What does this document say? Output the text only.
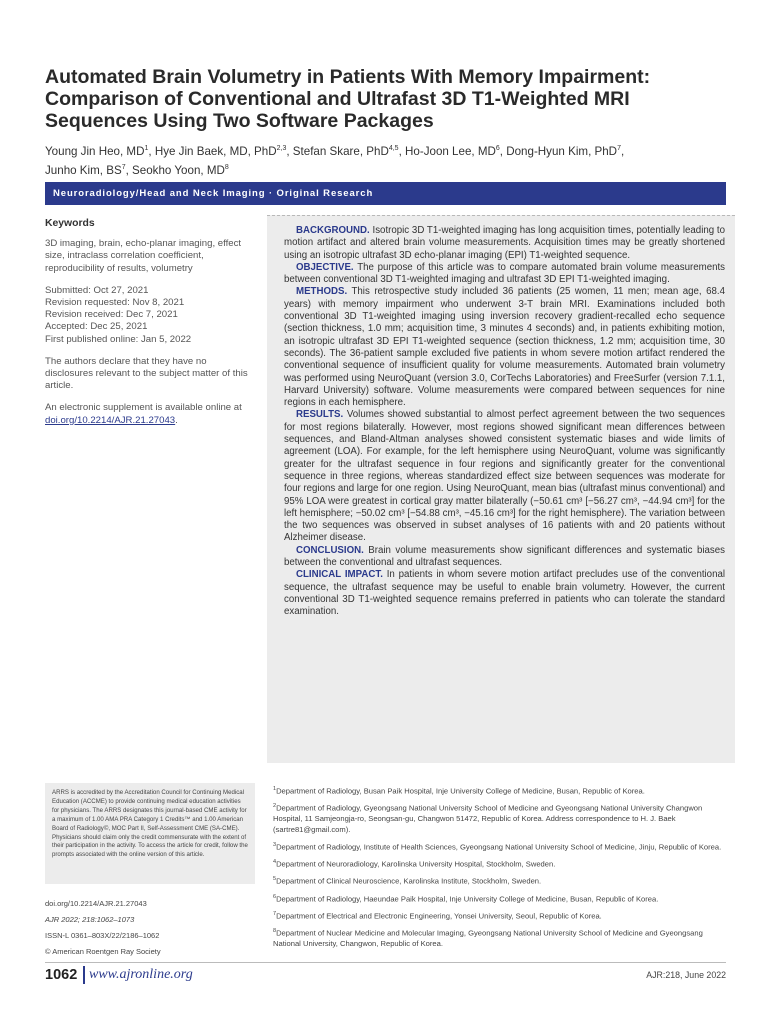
Automated Brain Volumetry in Patients With Memory Impairment: Comparison of Conventional and Ultrafast 3D T1-Weighted MRI Sequences Using Two Software Packages
Young Jin Heo, $MD^1$, Hye Jin Baek, MD, PhD$^{2,3}$, Stefan Skare, PhD$^{4,5}$, Ho-Joon Lee, $MD^6$, Dong-Hyun Kim, PhD$^7$,
Junho Kim, $BS^7$, Seokho Yoon, $MD^8$
Neuroradiology/Head and Neck Imaging · Original Research
Keywords

3D imaging, brain, echo-planar imaging, effect size, intraclass correlation coefficient, reproducibility of results, volumetry

Submitted: Oct 27, 2021
Revision requested: Nov 8, 2021
Revision received: Dec 7, 2021
Accepted: Dec 25, 2021
First published online: Jan 5, 2022

The authors declare that they have no disclosures relevant to the subject matter of this article.

An electronic supplement is available online at doi.org/10.2214/AJR.21.27043.

BACKGROUND. Isotropic 3D T1-weighted imaging has long acquisition times, potentially leading to motion artifact and altered brain volume measurements. Acquisition times may be greatly shortened using an isotropic ultrafast 3D echo-planar imaging (EPI) T1-weighted sequence.

OBJECTIVE. The purpose of this article was to compare automated brain volume measurements between conventional 3D T1-weighted imaging and ultrafast 3D EPI T1-weighted imaging.

METHODS. This retrospective study included 36 patients (25 women, 11 men; mean age, 68.4 years) with memory impairment who underwent 3-T brain MRI. Examinations included both conventional 3D T1-weighted imaging using inversion recovery gradient-recalled echo sequence (section thickness, 1.0 mm; acquisition time, 3 minutes 4 seconds) and, in patients exhibiting motion, an isotropic ultrafast 3D EPI T1-weighted sequence (section thickness, 1.2 mm; acquisition time, 30 seconds). The 36-patient sample excluded five patients in whom severe motion artifact rendered the conventional sequence of insufficient quality for volume measurements. Automated brain volumetry was performed using NeuroQuant (version 3.0, CorTechs Laboratories) and FreeSurfer (version 7.1.1, Harvard University) software. Volume measurements were compared between sequences for nine regions in each hemisphere.

RESULTS. Volumes showed substantial to almost perfect agreement between the two sequences for most regions bilaterally. However, most regions showed significant mean differences between sequences, and Bland-Altman analyses showed consistent systematic biases and wide limits of agreement (LOA). For example, for the left hemisphere using NeuroQuant, volume was significantly greater for the ultrafast sequence in four regions and significantly greater for the conventional sequence in three regions, whereas standardized effect size between sequences was moderate for four regions and large for one region. Using NeuroQuant, mean bias (ultrafast minus conventional) and 95% LOA were greatest in cortical gray matter bilaterally (−50.61 cm³ [−56.27 cm³, −44.94 cm³] for the left hemisphere; −50.02 cm³ [−54.88 cm³, −45.16 cm³] for the right hemisphere). The variation between the two sequences was observed in subset analyses of 16 patients with and 20 patients without Alzheimer disease.

CONCLUSION. Brain volume measurements show significant differences and systematic biases between the conventional and ultrafast sequences.

CLINICAL IMPACT. In patients in whom severe motion artifact precludes use of the conventional sequence, the ultrafast sequence may be useful to enable brain volumetry. However, the current conventional 3D T1-weighted sequence remains preferred in patients who can tolerate the standard examination.

ARRS is accredited by the Accreditation Council for Continuing Medical Education (ACCME) to provide continuing medical education activities for physicians. The ARRS designates this journal-based CME activity for a maximum of 1.00 AMA PRA Category 1 Credits™ and 1.00 American Board of Radiology©, MOC Part II, Self-Assessment CME (SA-CME). Physicians should claim only the credit commensurate with the extent of their participation in the activity. To access the article for credit, follow the prompts associated with the online version of this article.
doi.org/10.2214/AJR.21.27043
AJR 2022; 218:1062–1073
ISSN-L 0361–803X/22/2186–1062
© American Roentgen Ray Society
$^1$Department of Radiology, Busan Paik Hospital, Inje University College of Medicine, Busan, Republic of Korea.
$^2$Department of Radiology, Gyeongsang National University School of Medicine and Gyeongsang National University Changwon Hospital, 11 Samjeongja-ro, Seongsan-gu, Changwon 51472, Republic of Korea. Address correspondence to H. J. Baek (sartre81@gmail.com).
$^3$Department of Radiology, Institute of Health Sciences, Gyeongsang National University School of Medicine, Jinju, Republic of Korea.
$^4$Department of Neuroradiology, Karolinska University Hospital, Stockholm, Sweden.
$^5$Department of Clinical Neuroscience, Karolinska Institute, Stockholm, Sweden.
$^6$Department of Radiology, Haeundae Paik Hospital, Inje University College of Medicine, Busan, Republic of Korea.
$^7$Department of Electrical and Electronic Engineering, Yonsei University, Seoul, Republic of Korea.
$^8$Department of Nuclear Medicine and Molecular Imaging, Gyeongsang National University School of Medicine and Gyeongsang National University, Changwon, Republic of Korea.
1062 www.ajronline.org	AJR:218, June 2022
